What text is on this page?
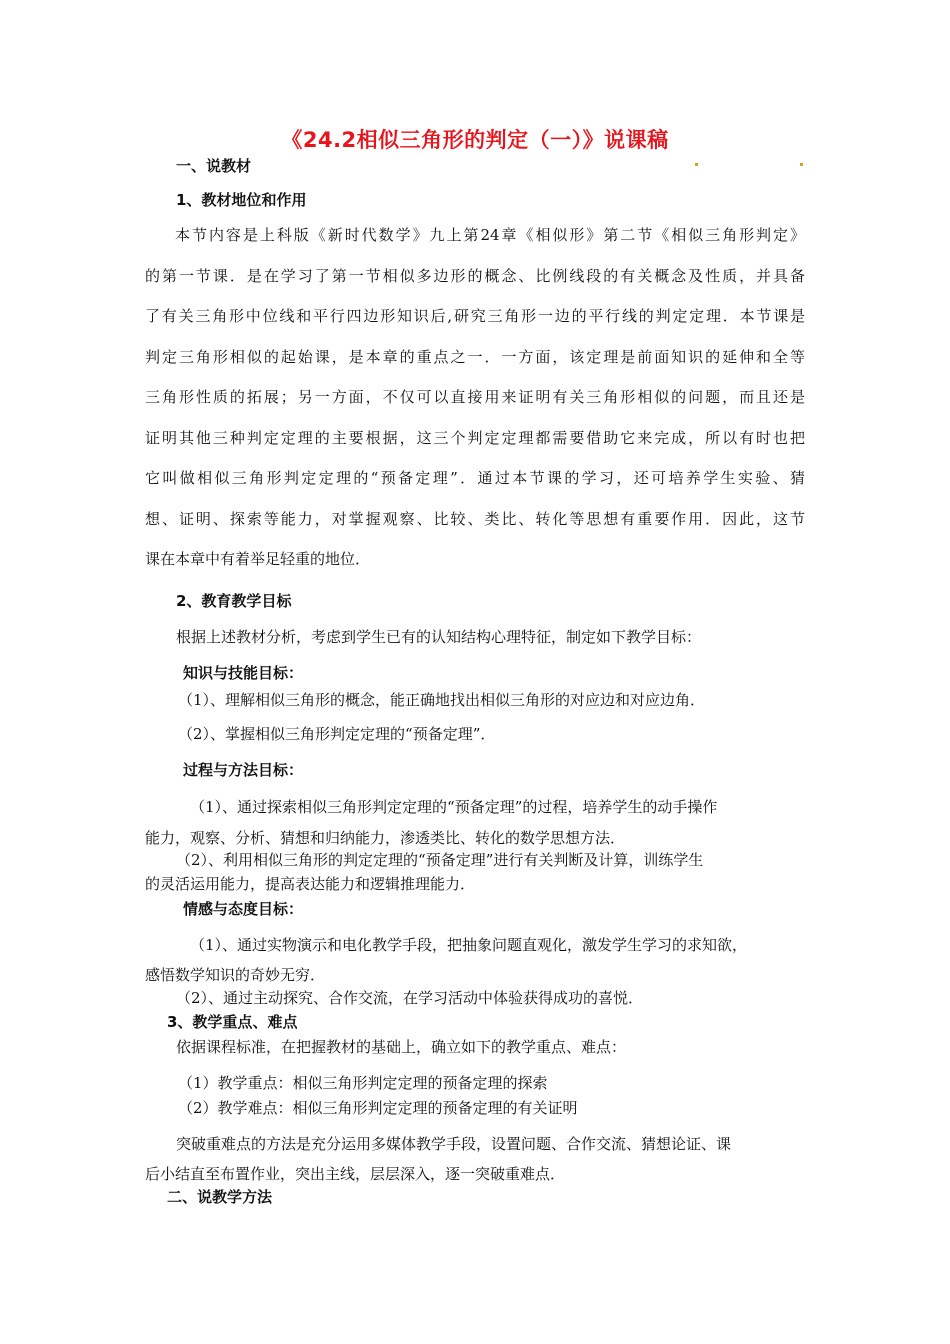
《24.2相似三角形的判定（一）》说课稿
一、说教材
1、教材地位和作用
本节内容是上科版《新时代数学》九上第24章《相似形》第二节《相似三角形判定》
的第一节课．是在学习了第一节相似多边形的概念、比例线段的有关概念及性质，并具备
了有关三角形中位线和平行四边形知识后,研究三角形一边的平行线的判定定理．本节课是
判定三角形相似的起始课，是本章的重点之一．一方面，该定理是前面知识的延伸和全等
三角形性质的拓展；另一方面，不仅可以直接用来证明有关三角形相似的问题，而且还是
证明其他三种判定定理的主要根据，这三个判定定理都需要借助它来完成，所以有时也把
它叫做相似三角形判定定理的“预备定理”．通过本节课的学习，还可培养学生实验、猜
想、证明、探索等能力，对掌握观察、比较、类比、转化等思想有重要作用．因此，这节
课在本章中有着举足轻重的地位．
2、教育教学目标
根据上述教材分析，考虑到学生已有的认知结构心理特征，制定如下教学目标：
知识与技能目标：
（1）、理解相似三角形的概念，能正确地找出相似三角形的对应边和对应边角．
（2）、掌握相似三角形判定定理的“预备定理”．
过程与方法目标：
（1）、通过探索相似三角形判定定理的“预备定理”的过程，培养学生的动手操作
能力，观察、分析、猜想和归纳能力，渗透类比、转化的数学思想方法．
（2）、利用相似三角形的判定定理的“预备定理”进行有关判断及计算，训练学生
的灵活运用能力，提高表达能力和逻辑推理能力．
情感与态度目标：
（1）、通过实物演示和电化教学手段，把抽象问题直观化，激发学生学习的求知欲，
感悟数学知识的奇妙无穷．
（2）、通过主动探究、合作交流，在学习活动中体验获得成功的喜悦．
3、教学重点、难点
依据课程标准，在把握教材的基础上，确立如下的教学重点、难点：
（1）教学重点：相似三角形判定定理的预备定理的探索
（2）教学难点：相似三角形判定定理的预备定理的有关证明
突破重难点的方法是充分运用多媒体教学手段，设置问题、合作交流、猜想论证、课
后小结直至布置作业，突出主线，层层深入，逐一突破重难点．
二、说教学方法
